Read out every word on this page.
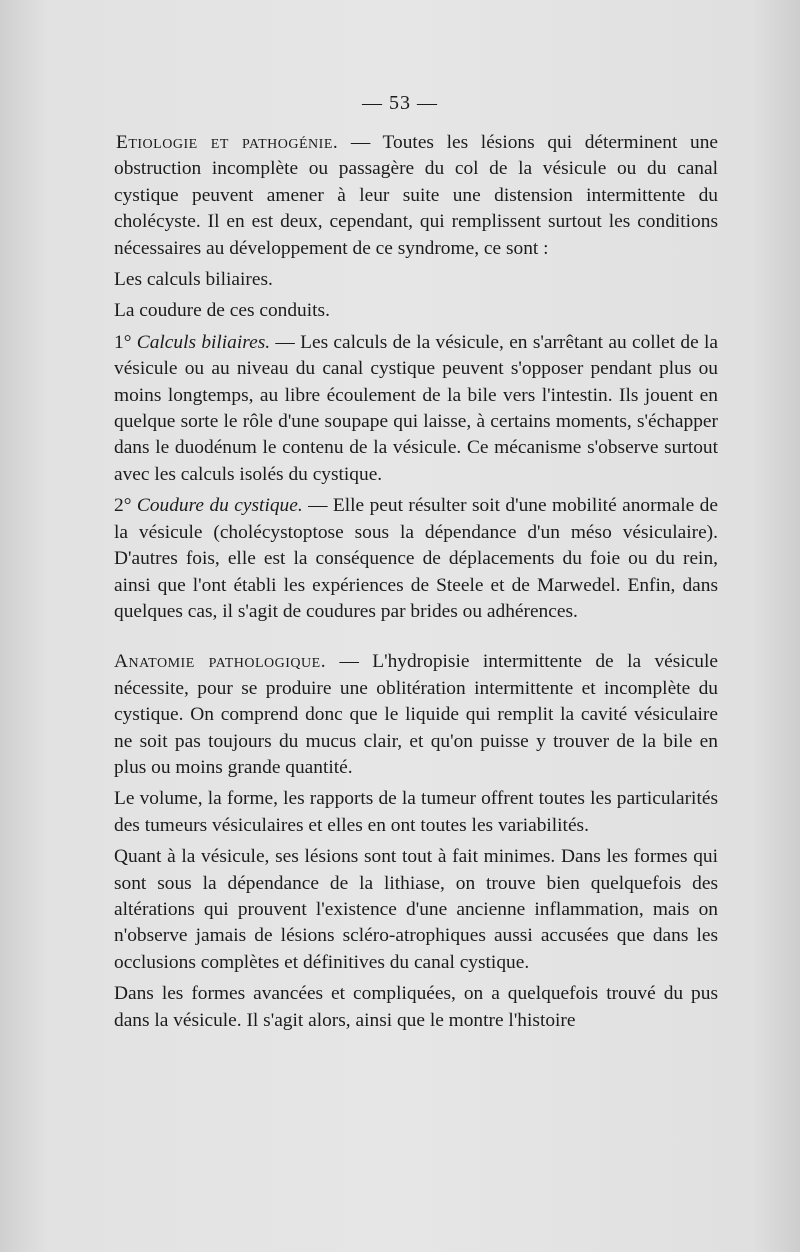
— 53 —

Etiologie et pathogénie. — Toutes les lésions qui déterminent une obstruction incomplète ou passagère du col de la vésicule ou du canal cystique peuvent amener à leur suite une distension intermittente du cholécyste. Il en est deux, cependant, qui remplissent surtout les conditions nécessaires au développement de ce syndrome, ce sont :

Les calculs biliaires.

La coudure de ces conduits.

1° Calculs biliaires. — Les calculs de la vésicule, en s'arrêtant au collet de la vésicule ou au niveau du canal cystique peuvent s'opposer pendant plus ou moins longtemps, au libre écoulement de la bile vers l'intestin. Ils jouent en quelque sorte le rôle d'une soupape qui laisse, à certains moments, s'échapper dans le duodénum le contenu de la vésicule. Ce mécanisme s'observe surtout avec les calculs isolés du cystique.

2° Coudure du cystique. — Elle peut résulter soit d'une mobilité anormale de la vésicule (cholécystoptose sous la dépendance d'un méso vésiculaire). D'autres fois, elle est la conséquence de déplacements du foie ou du rein, ainsi que l'ont établi les expériences de Steele et de Marwedel. Enfin, dans quelques cas, il s'agit de coudures par brides ou adhérences.

Anatomie pathologique. — L'hydropisie intermittente de la vésicule nécessite, pour se produire une oblitération intermittente et incomplète du cystique. On comprend donc que le liquide qui remplit la cavité vésiculaire ne soit pas toujours du mucus clair, et qu'on puisse y trouver de la bile en plus ou moins grande quantité.

Le volume, la forme, les rapports de la tumeur offrent toutes les particularités des tumeurs vésiculaires et elles en ont toutes les variabilités.

Quant à la vésicule, ses lésions sont tout à fait minimes. Dans les formes qui sont sous la dépendance de la lithiase, on trouve bien quelquefois des altérations qui prouvent l'existence d'une ancienne inflammation, mais on n'observe jamais de lésions scléro-atrophiques aussi accusées que dans les occlusions complètes et définitives du canal cystique.

Dans les formes avancées et compliquées, on a quelquefois trouvé du pus dans la vésicule. Il s'agit alors, ainsi que le montre l'histoire
